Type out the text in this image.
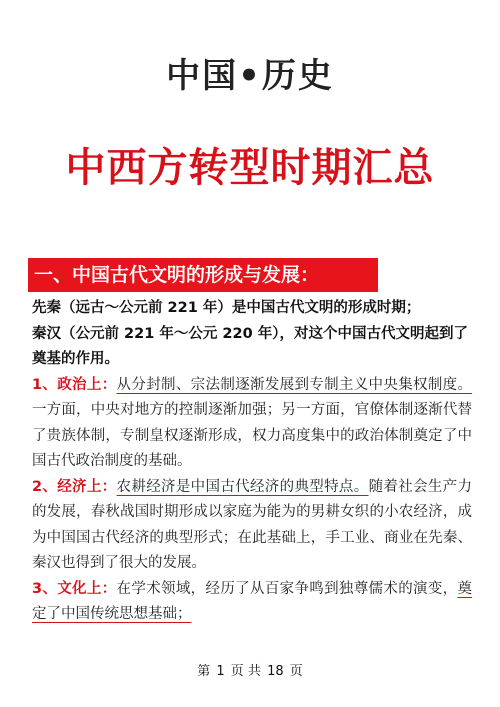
中国•历史
中西方转型时期汇总
一、中国古代文明的形成与发展：
先秦（远古～公元前 221 年）是中国古代文明的形成时期；
秦汉（公元前 221 年～公元 220 年），对这个中国古代文明起到了奠基的作用。
1、政治上：从分封制、宗法制逐渐发展到专制主义中央集权制度。一方面，中央对地方的控制逐渐加强；另一方面，官僚体制逐渐代替了贵族体制，专制皇权逐渐形成，权力高度集中的政治体制奠定了中国古代政治制度的基础。
2、经济上：农耕经济是中国古代经济的典型特点。随着社会生产力的发展，春秋战国时期形成以家庭为能为的男耕女织的小农经济，成为中国国古代经济的典型形式；在此基础上，手工业、商业在先秦、秦汉也得到了很大的发展。
3、文化上：在学术领域，经历了从百家争鸣到独尊儒术的演变，奠定了中国传统思想基础；
第 1 页 共 18 页
